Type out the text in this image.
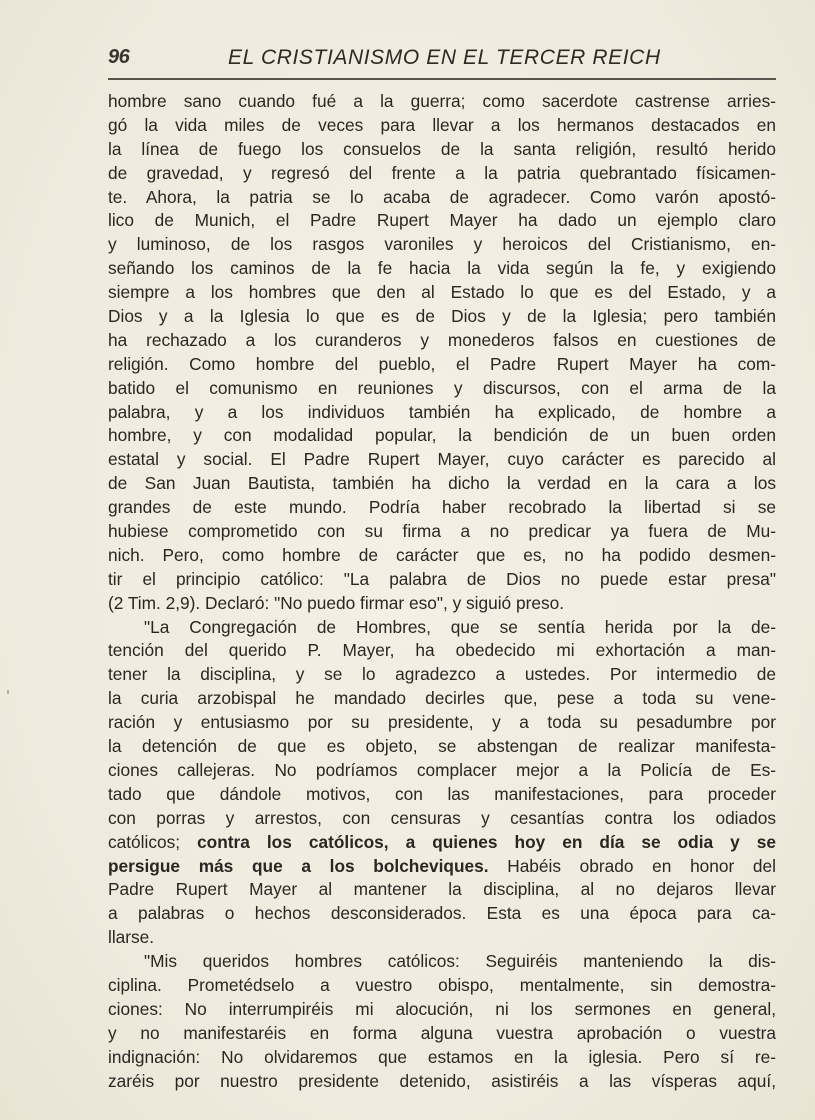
96	EL CRISTIANISMO EN EL TERCER REICH
hombre sano cuando fué a la guerra; como sacerdote castrense arries-
gó la vida miles de veces para llevar a los hermanos destacados en
la línea de fuego los consuelos de la santa religión, resultó herido
de gravedad, y regresó del frente a la patria quebrantado físicamen-
te. Ahora, la patria se lo acaba de agradecer. Como varón apostó-
lico de Munich, el Padre Rupert Mayer ha dado un ejemplo claro
y luminoso, de los rasgos varoniles y heroicos del Cristianismo, en-
señando los caminos de la fe hacia la vida según la fe, y exigiendo
siempre a los hombres que den al Estado lo que es del Estado, y a
Dios y a la Iglesia lo que es de Dios y de la Iglesia; pero también
ha rechazado a los curanderos y monederos falsos en cuestiones de
religión. Como hombre del pueblo, el Padre Rupert Mayer ha com-
batido el comunismo en reuniones y discursos, con el arma de la
palabra, y a los individuos también ha explicado, de hombre a
hombre, y con modalidad popular, la bendición de un buen orden
estatal y social. El Padre Rupert Mayer, cuyo carácter es parecido al
de San Juan Bautista, también ha dicho la verdad en la cara a los
grandes de este mundo. Podría haber recobrado la libertad si se
hubiese comprometido con su firma a no predicar ya fuera de Mu-
nich. Pero, como hombre de carácter que es, no ha podido desmen-
tir el principio católico: "La palabra de Dios no puede estar presa"
(2 Tim. 2,9). Declaró: "No puedo firmar eso", y siguió preso.
"La Congregación de Hombres, que se sentía herida por la de-
tención del querido P. Mayer, ha obedecido mi exhortación a man-
tener la disciplina, y se lo agradezco a ustedes. Por intermedio de
la curia arzobispal he mandado decirles que, pese a toda su vene-
ración y entusiasmo por su presidente, y a toda su pesadumbre por
la detención de que es objeto, se abstengan de realizar manifesta-
ciones callejeras. No podríamos complacer mejor a la Policía de Es-
tado que dándole motivos, con las manifestaciones, para proceder
con porras y arrestos, con censuras y cesantías contra los odiados
católicos; contra los católicos, a quienes hoy en día se odia y se
persigue más que a los bolcheviques. Habéis obrado en honor del
Padre Rupert Mayer al mantener la disciplina, al no dejaros llevar
a palabras o hechos desconsiderados. Esta es una época para ca-
llarse.
"Mis queridos hombres católicos: Seguiréis manteniendo la dis-
ciplina. Prometédselo a vuestro obispo, mentalmente, sin demostra-
ciones: No interrumpiréis mi alocución, ni los sermones en general,
y no manifestaréis en forma alguna vuestra aprobación o vuestra
indignación: No olvidaremos que estamos en la iglesia. Pero sí re-
zaréis por nuestro presidente detenido, asistiréis a las vísperas aquí,
